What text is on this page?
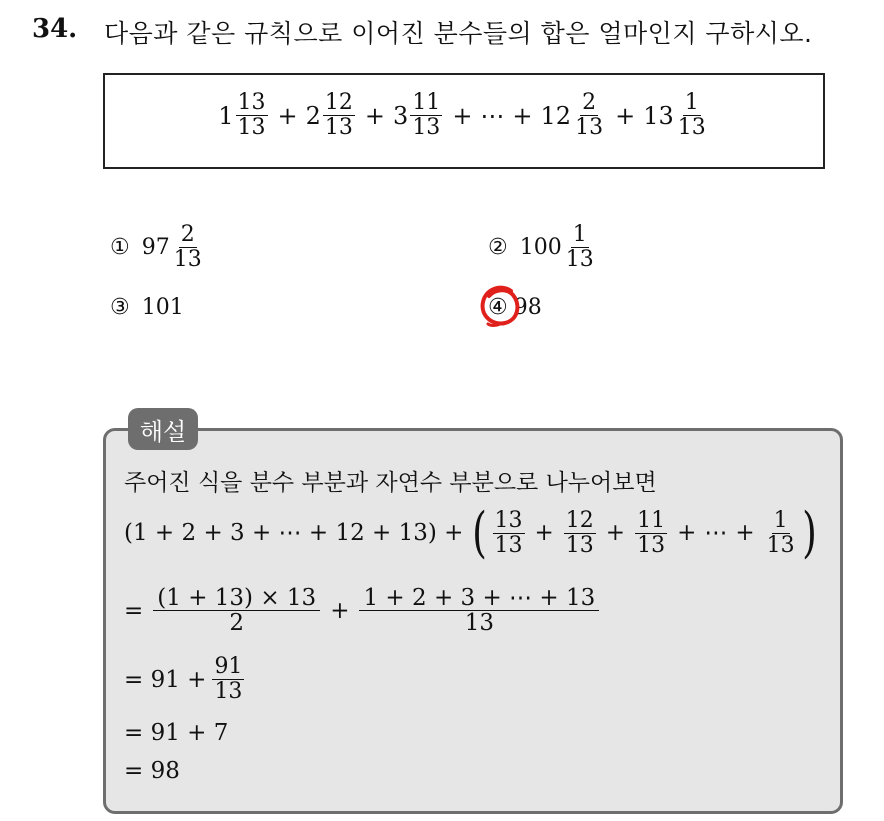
34. 다음과 같은 규칙으로 이어진 분수들의 합은 얼마인지 구하시오.
$1 \frac{13}{13} + 2 \frac{12}{13} + 3 \frac{11}{13}$ + ⋯ + $12 \frac{2}{13} + 13 \frac{1}{13}$
① $97 \frac{2}{13}$	② $100 \frac{1}{13}$
③ 101	④ 98
해설
주어진 식을 분수 부분과 자연수 부분으로 나누어보면
(1 + 2 + 3 + ⋯ + 12 + 13) + ( $\frac{13}{13} + \frac{12}{13} + \frac{11}{13}$ + ⋯ + $\frac{1}{13}$ )
= $\frac{(1 + 13) \times 13}{2} + \frac{1 + 2 + 3 + \cdots + 13}{13}$
= $91 + \frac{91}{13}$
= 91 + 7
= 98
